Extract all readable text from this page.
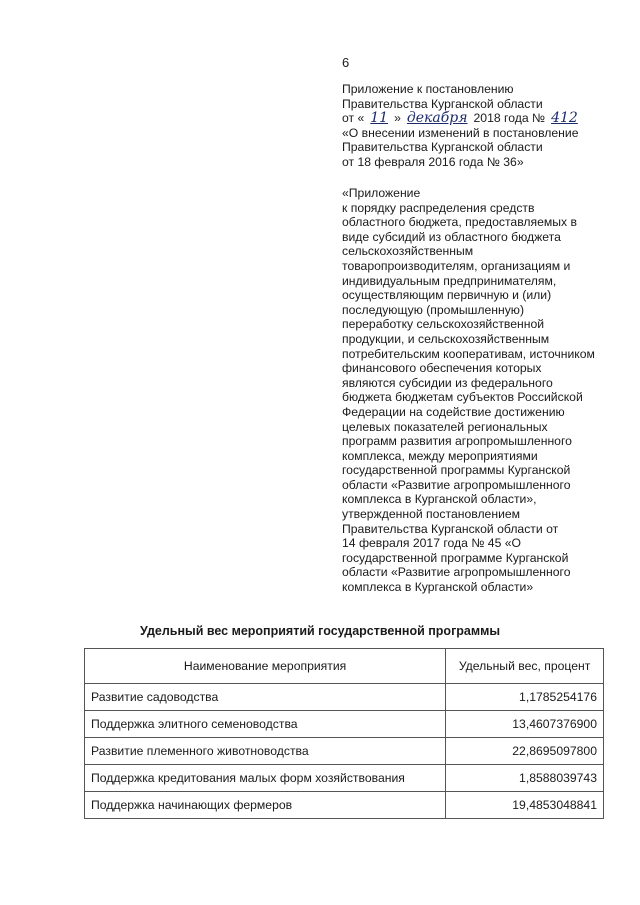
6
Приложение к постановлению
Правительства Курганской области
от « 11 » декабря 2018 года № 412
«О внесении изменений в постановление
Правительства Курганской области
от 18 февраля 2016 года № 36»
«Приложение
к порядку распределения средств
областного бюджета, предоставляемых в
виде субсидий из областного бюджета
сельскохозяйственным
товаропроизводителям, организациям и
индивидуальным предпринимателям,
осуществляющим первичную и (или)
последующую (промышленную)
переработку сельскохозяйственной
продукции, и сельскохозяйственным
потребительским кооперативам, источником
финансового обеспечения которых
являются субсидии из федерального
бюджета бюджетам субъектов Российской
Федерации на содействие достижению
целевых показателей региональных
программ развития агропромышленного
комплекса, между мероприятиями
государственной программы Курганской
области «Развитие агропромышленного
комплекса в Курганской области»,
утвержденной постановлением
Правительства Курганской области от
14 февраля 2017 года № 45 «О
государственной программе Курганской
области «Развитие агропромышленного
комплекса в Курганской области»
Удельный вес мероприятий государственной программы
Наименование мероприятия	Удельный вес, процент
Развитие садоводства	1,1785254176
Поддержка элитного семеноводства	13,4607376900
Развитие племенного животноводства	22,8695097800
Поддержка кредитования малых форм хозяйствования	1,8588039743
Поддержка начинающих фермеров	19,4853048841
